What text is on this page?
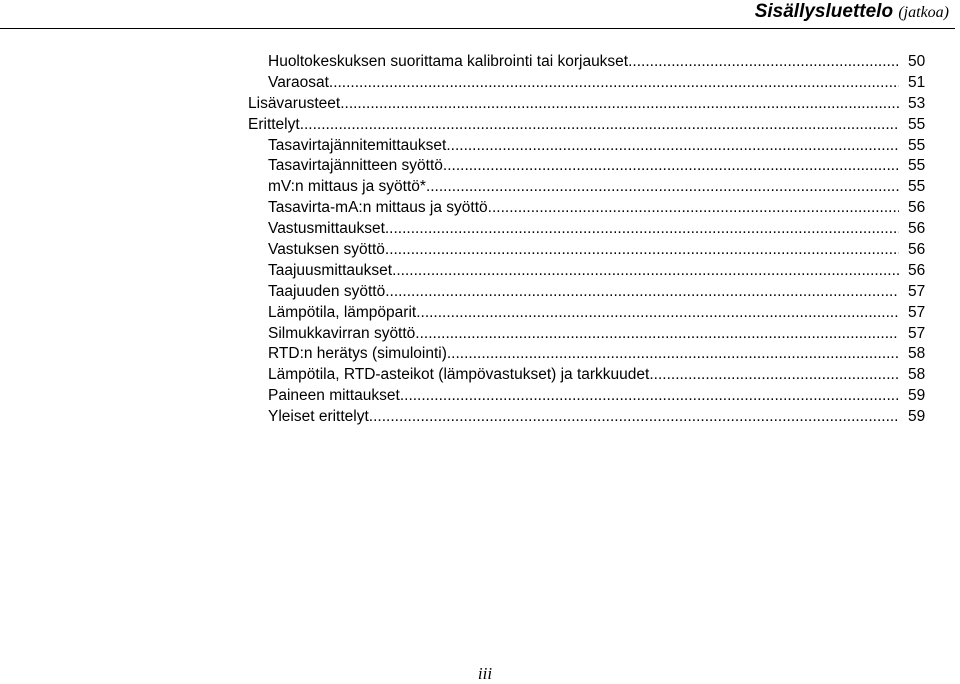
Sisällysluettelo (jatkoa)
Huoltokeskuksen suorittama kalibrointi tai korjaukset .....	50
Varaosat .....	51
Lisävarusteet .....	53
Erittelyt .....	55
Tasavirtajännitemittaukset .....	55
Tasavirtajännitteen syöttö .....	55
mV:n mittaus ja syöttö* .....	55
Tasavirta-mA:n mittaus ja syöttö .....	56
Vastusmittaukset .....	56
Vastuksen syöttö .....	56
Taajuusmittaukset .....	56
Taajuuden syöttö .....	57
Lämpötila, lämpöparit .....	57
Silmukkavirran syöttö .....	57
RTD:n herätys (simulointi) .....	58
Lämpötila, RTD-asteikot (lämpövastukset) ja tarkkuudet .....	58
Paineen mittaukset .....	59
Yleiset erittelyt .....	59
iii
